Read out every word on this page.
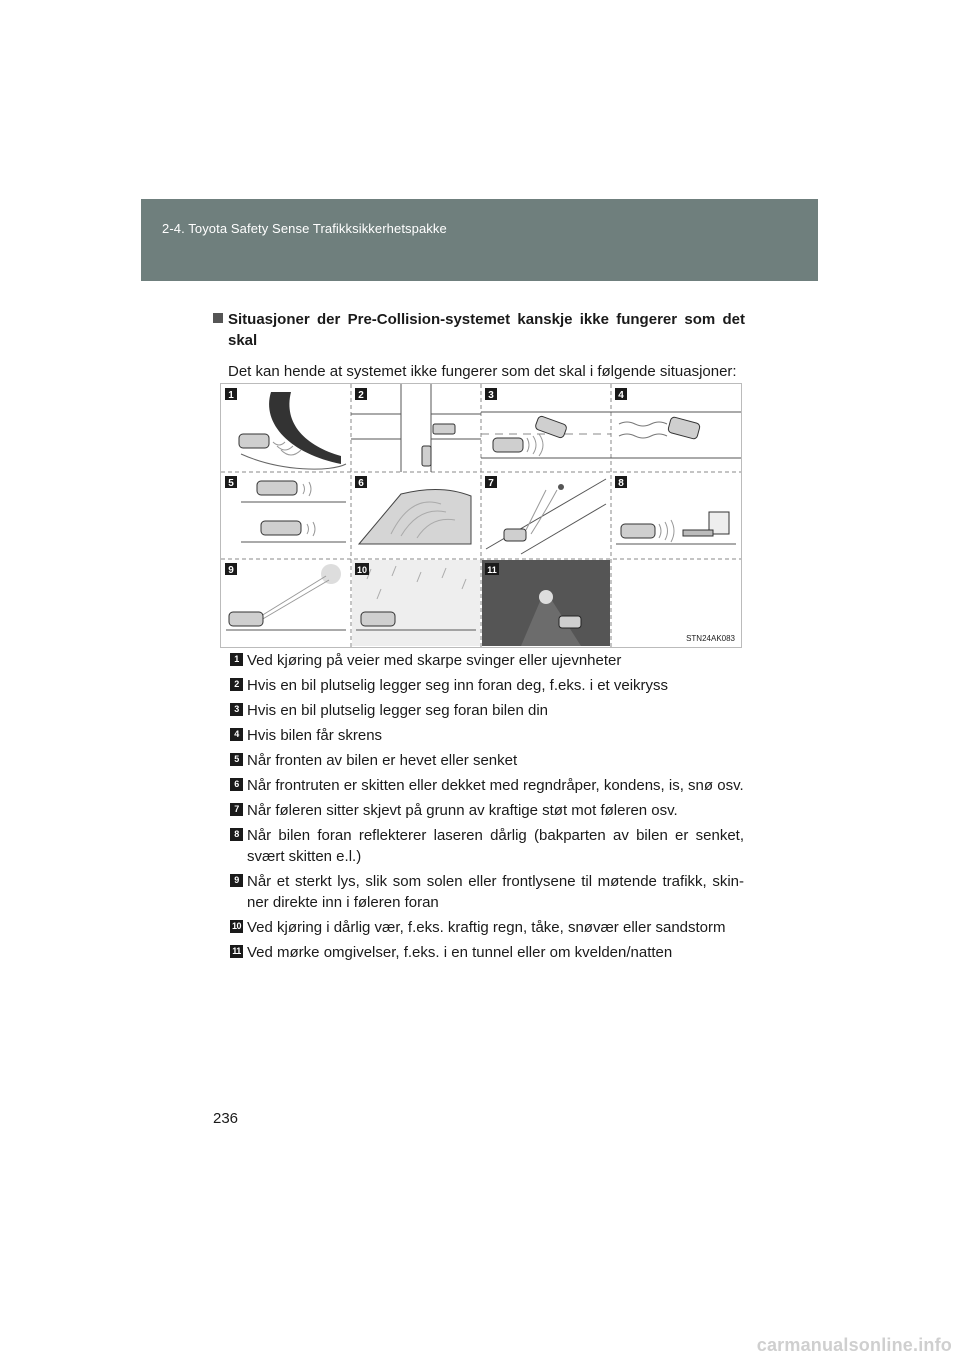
2-4. Toyota Safety Sense Trafikksikkerhetspakke
Situasjoner der Pre-Collision-systemet kanskje ikke fungerer som det skal
Det kan hende at systemet ikke fungerer som det skal i følgende situasjoner:
1	2	3	4
5	6	7	8
9	10	11
STN24AK083
1 Ved kjøring på veier med skarpe svinger eller ujevnheter
2 Hvis en bil plutselig legger seg inn foran deg, f.eks. i et veikryss
3 Hvis en bil plutselig legger seg foran bilen din
4 Hvis bilen får skrens
5 Når fronten av bilen er hevet eller senket
6 Når frontruten er skitten eller dekket med regndråper, kondens, is, snø osv.
7 Når føleren sitter skjevt på grunn av kraftige støt mot føleren osv.
8 Når bilen foran reflekterer laseren dårlig (bakparten av bilen er senket, svært skitten e.l.)
9 Når et sterkt lys, slik som solen eller frontlysene til møtende trafikk, skin-ner direkte inn i føleren foran
10 Ved kjøring i dårlig vær, f.eks. kraftig regn, tåke, snøvær eller sandstorm
11 Ved mørke omgivelser, f.eks. i en tunnel eller om kvelden/natten
236
carmanualsonline.info
